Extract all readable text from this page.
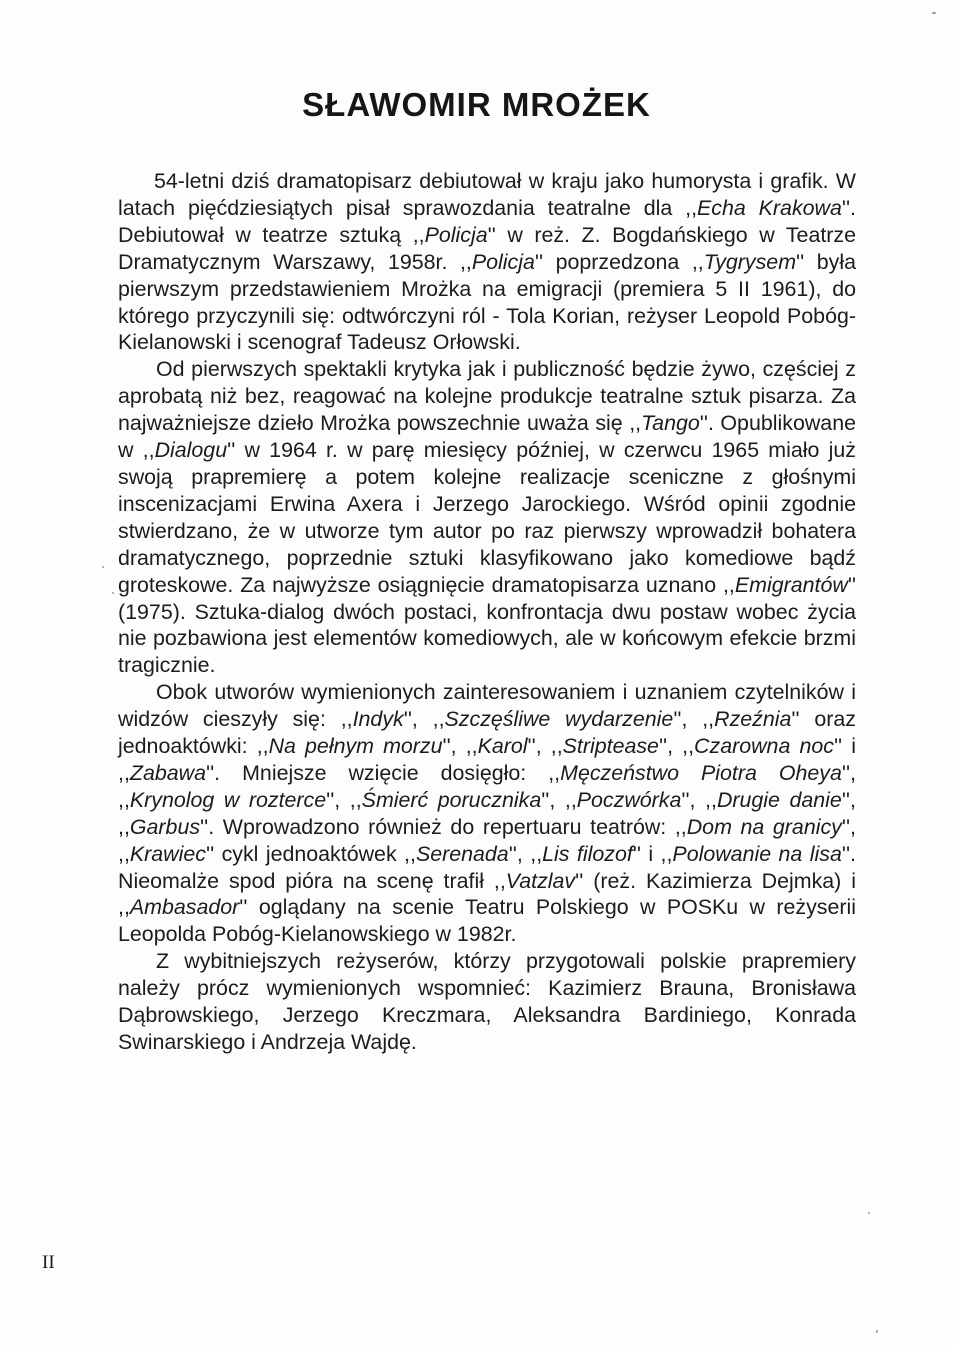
SŁAWOMIR MROŻEK

54-letni dziś dramatopisarz debiutował w kraju jako humorysta i grafik. W latach pięćdziesiątych pisał sprawozdania teatralne dla ,,Echa Krakowa''. Debiutował w teatrze sztuką ,,Policja'' w reż. Z. Bogdańskiego w Teatrze Dramatycznym Warszawy, 1958r. ,,Policja'' poprzedzona ,,Tygrysem'' była pierwszym przedstawieniem Mrożka na emigracji (premiera 5 II 1961), do którego przyczynili się: odtwórczyni ról - Tola Korian, reżyser Leopold Pobóg-Kielanowski i scenograf Tadeusz Orłowski.

Od pierwszych spektakli krytyka jak i publiczność będzie żywo, częściej z aprobatą niż bez, reagować na kolejne produkcje teatralne sztuk pisarza. Za najważniejsze dzieło Mrożka powszechnie uważa się ,,Tango''. Opublikowane w ,,Dialogu'' w 1964 r. w parę miesięcy później, w czerwcu 1965 miało już swoją prapremierę a potem kolejne realizacje sceniczne z głośnymi inscenizacjami Erwina Axera i Jerzego Jarockiego. Wśród opinii zgodnie stwierdzano, że w utworze tym autor po raz pierwszy wprowadził bohatera dramatycznego, poprzednie sztuki klasyfikowano jako komediowe bądź groteskowe. Za najwyższe osiągnięcie dramatopisarza uznano ,,Emigrantów'' (1975). Sztuka-dialog dwóch postaci, konfrontacja dwu postaw wobec życia nie pozbawiona jest elementów komediowych, ale w końcowym efekcie brzmi tragicznie.

Obok utworów wymienionych zainteresowaniem i uznaniem czytelników i widzów cieszyły się: ,,Indyk'', ,,Szczęśliwe wydarzenie'', ,,Rzeźnia'' oraz jednoaktówki: ,,Na pełnym morzu'', ,,Karol'', ,,Striptease'', ,,Czarowna noc'' i ,,Zabawa''. Mniejsze wzięcie dosięgło: ,,Męczeństwo Piotra Oheya'', ,,Krynolog w rozterce'', ,,Śmierć porucznika'', ,,Poczwórka'', ,,Drugie danie'', ,,Garbus''. Wprowadzono również do repertuaru teatrów: ,,Dom na granicy'', ,,Krawiec'' cykl jednoaktówek ,,Serenada'', ,,Lis filozof'' i ,,Polowanie na lisa''. Nieomalże spod pióra na scenę trafił ,,Vatzlav'' (reż. Kazimierza Dejmka) i ,,Ambasador'' oglądany na scenie Teatru Polskiego w POSKu w reżyserii Leopolda Pobóg-Kielanowskiego w 1982r.

Z wybitniejszych reżyserów, którzy przygotowali polskie prapremiery należy prócz wymienionych wspomnieć: Kazimierz Brauna, Bronisława Dąbrowskiego, Jerzego Kreczmara, Aleksandra Bardiniego, Konrada Swinarskiego i Andrzeja Wajdę.

II
